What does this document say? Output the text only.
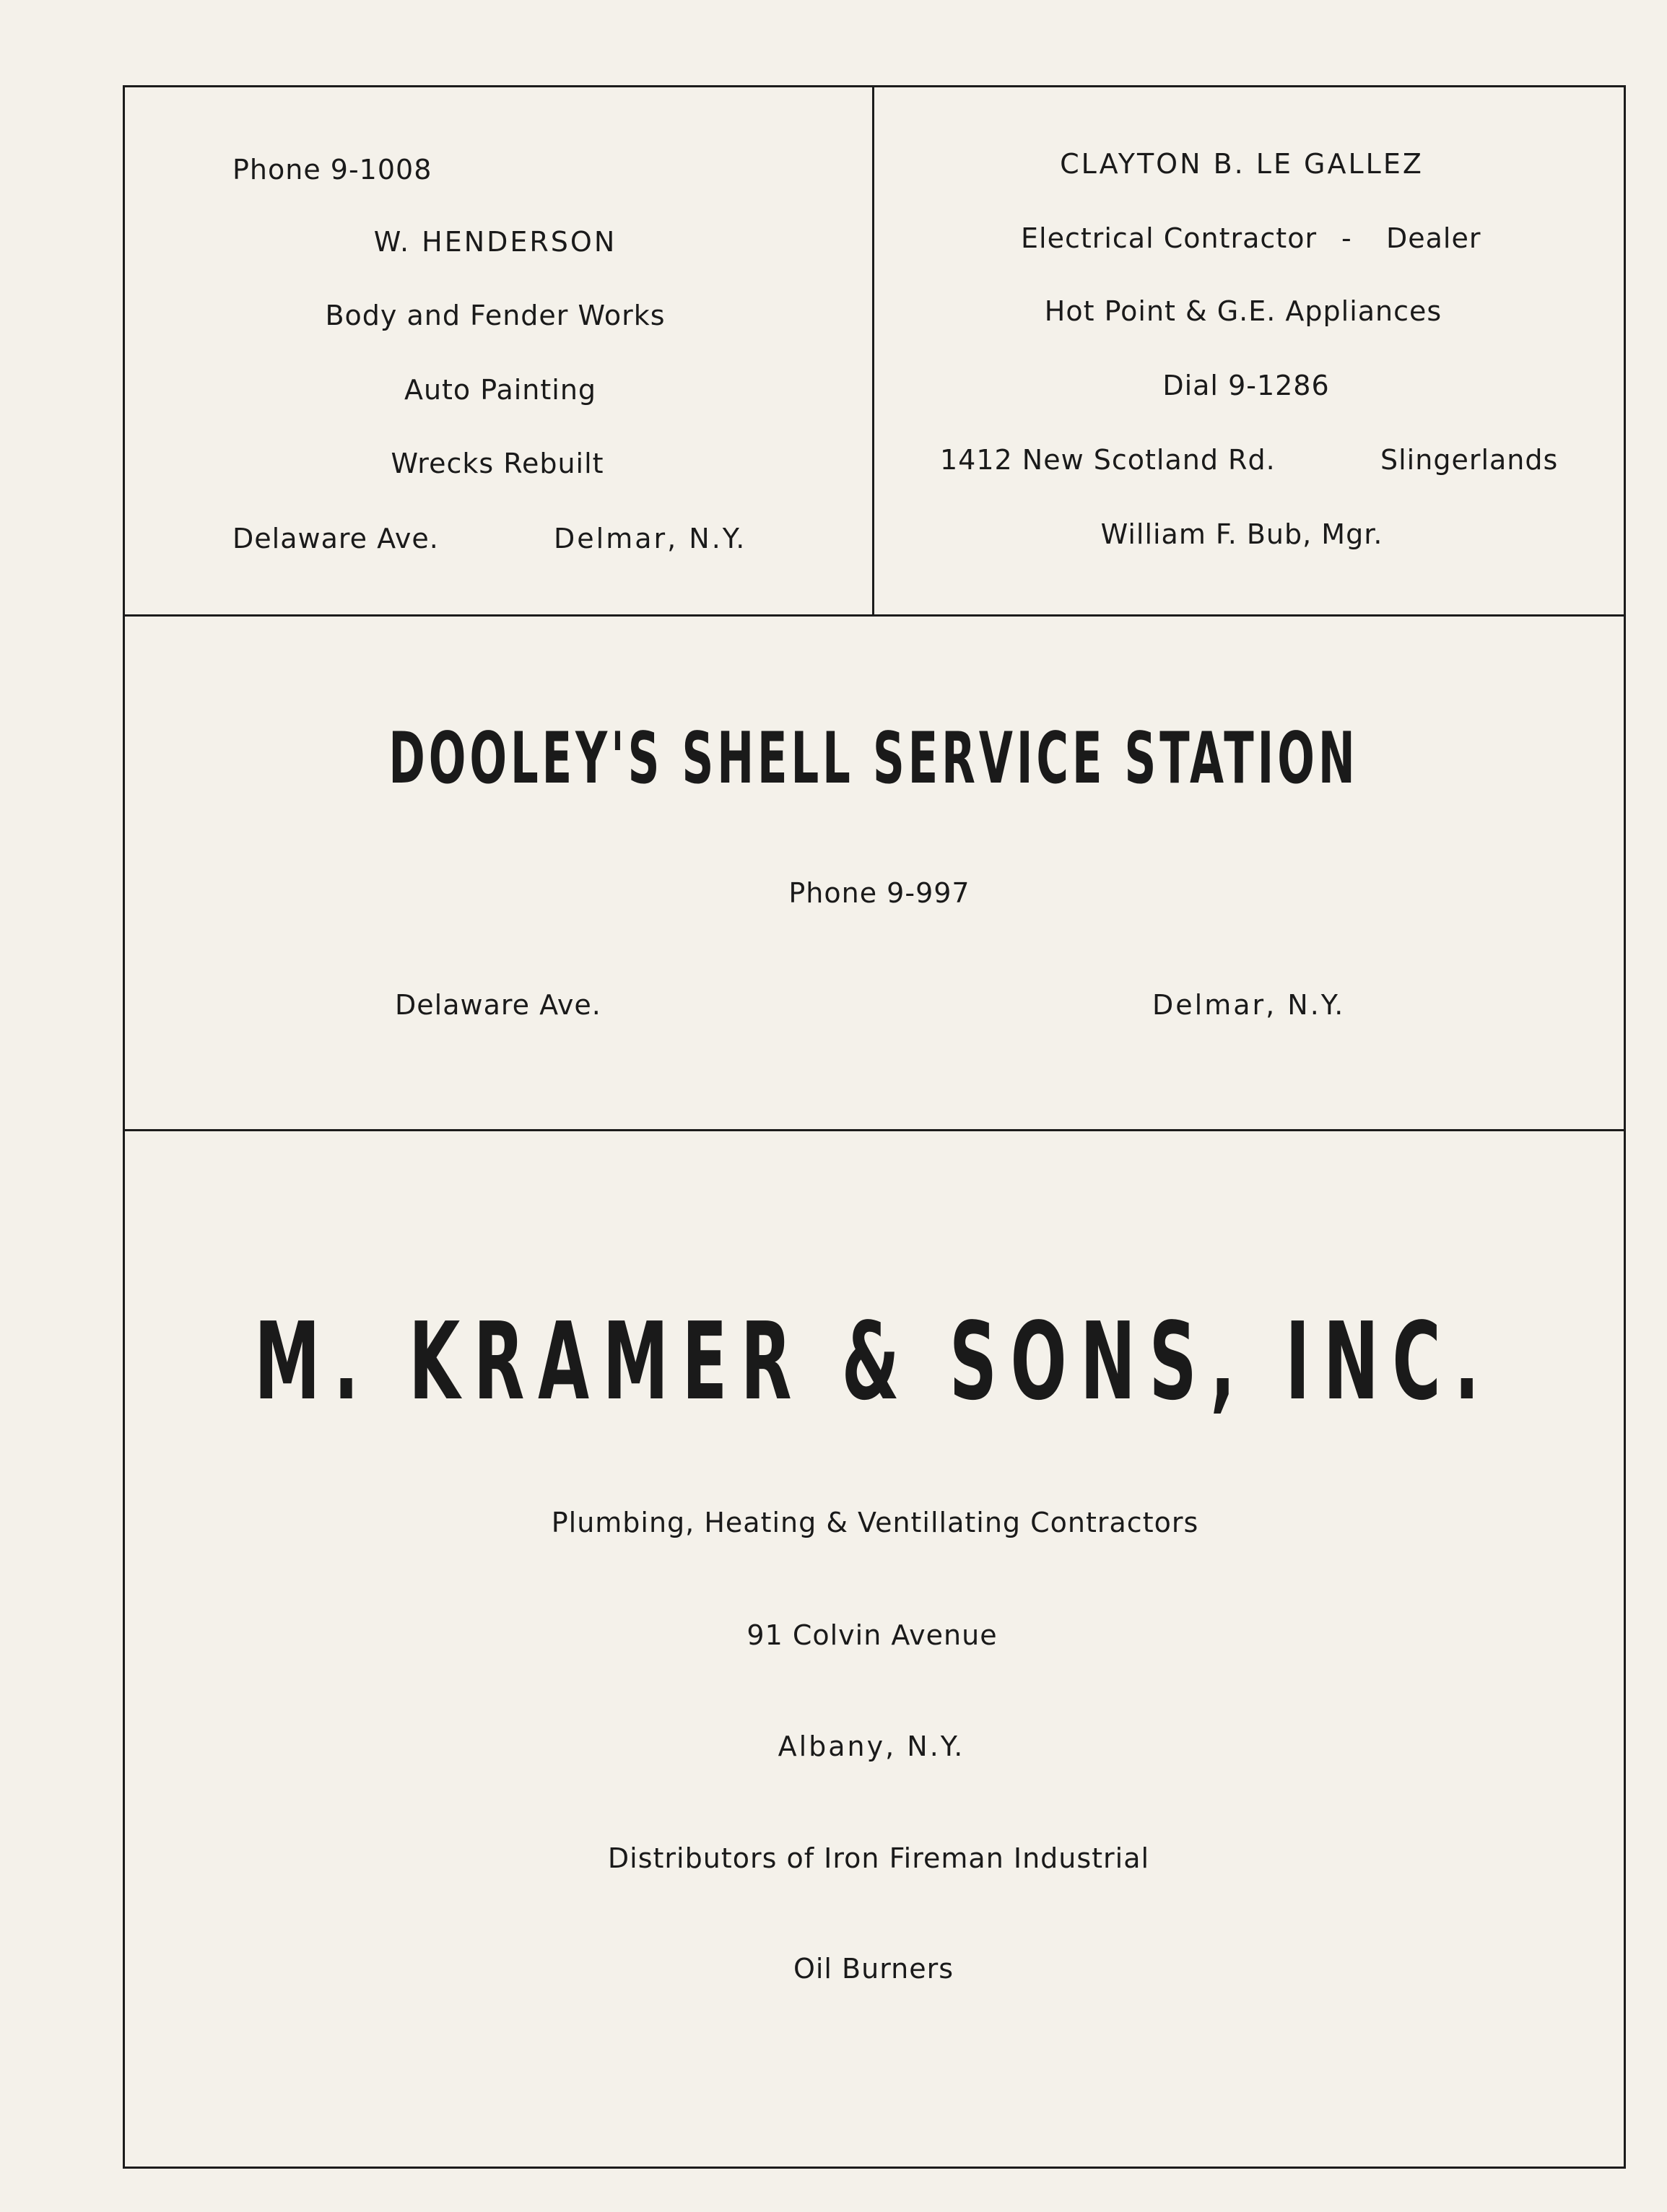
Phone 9-1008
W. HENDERSON
Body and Fender Works
Auto Painting
Wrecks Rebuilt
Delaware Ave.	Delmar, N.Y.
CLAYTON B. LE GALLEZ
Electrical Contractor - Dealer
Hot Point & G.E. Appliances
Dial 9-1286
1412 New Scotland Rd.	Slingerlands
William F. Bub, Mgr.
DOOLEY'S SHELL SERVICE STATION
Phone 9-997
Delaware Ave.	Delmar, N.Y.
M. KRAMER & SONS, INC.
Plumbing, Heating & Ventillating Contractors
91 Colvin Avenue
Albany, N.Y.
Distributors of Iron Fireman Industrial
Oil Burners
